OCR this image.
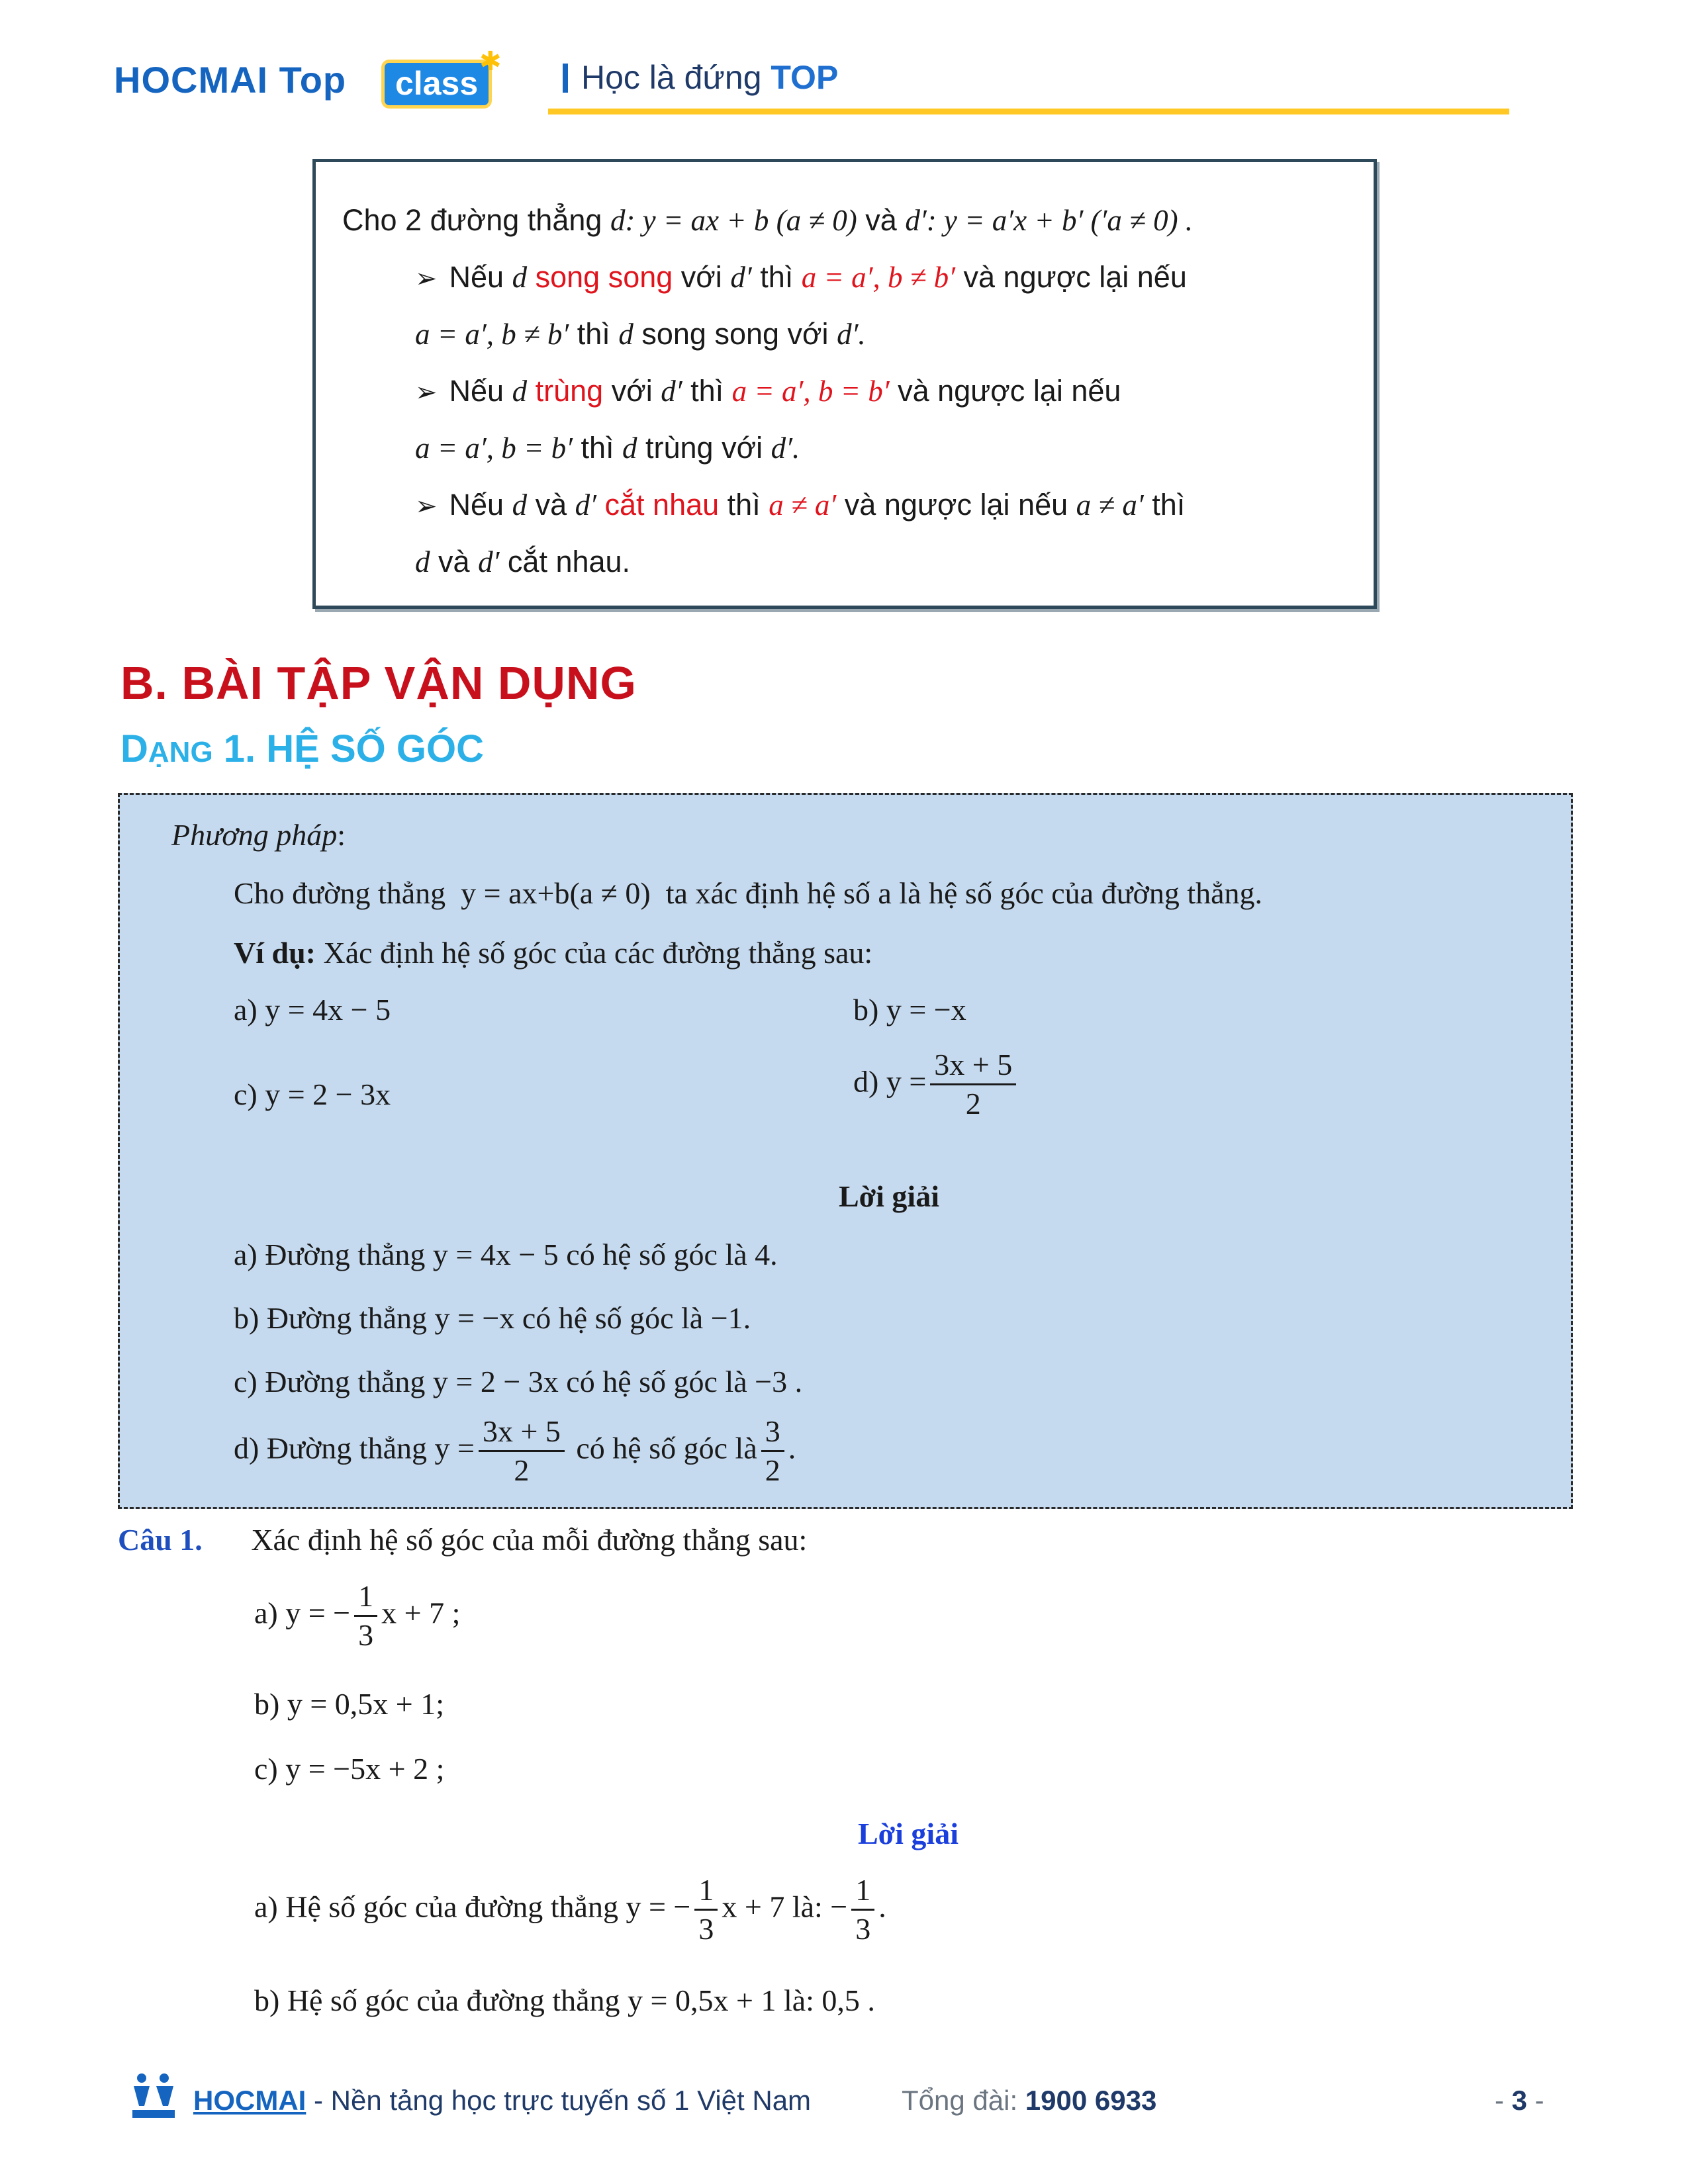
HOCMAI Top	class
✱ Học là đứng TOP
Cho 2 đường thẳng d: y = ax + b (a ≠ 0) và d′: y = a′x + b′ (′a ≠ 0) .
➢ Nếu d song song với d′ thì a = a′, b ≠ b′ và ngược lại nếu
a = a′, b ≠ b′ thì d song song với d′.
➢ Nếu d trùng với d′ thì a = a′, b = b′ và ngược lại nếu
a = a′, b = b′ thì d trùng với d′.
➢ Nếu d và d′ cắt nhau thì a ≠ a′ và ngược lại nếu a ≠ a′ thì
d và d′ cắt nhau.
B. BÀI TẬP VẬN DỤNG
DẠNG 1. HỆ SỐ GÓC
Phương pháp:
Cho đường thẳng y = ax+b(a ≠ 0) ta xác định hệ số a là hệ số góc của đường thẳng.
Ví dụ: Xác định hệ số góc của các đường thẳng sau:
a) y = 4x − 5	b) y = −x
c) y = 2 − 3x	d) $y = \frac{3x + 5}{2}$
Lời giải
a) Đường thẳng y = 4x − 5 có hệ số góc là 4.
b) Đường thẳng y = −x có hệ số góc là −1.
c) Đường thẳng y = 2 − 3x có hệ số góc là −3 .
d) Đường thẳng $y = \frac{3x + 5}{2}$ có hệ số góc là $\frac{3}{2}$ .
Câu 1. Xác định hệ số góc của mỗi đường thẳng sau:
a) y = − $\frac{1}{3}$ x + 7 ;
b) y = 0,5x + 1;
c) y = −5x + 2 ;
Lời giải
a) Hệ số góc của đường thẳng y = − $\frac{1}{3}$ x + 7 là: − $\frac{1}{3}$ .
b) Hệ số góc của đường thẳng y = 0,5x + 1 là: 0,5 .
HOCMAI - Nền tảng học trực tuyến số 1 Việt Nam	Tổng đài: 1900 6933	- 3 -
